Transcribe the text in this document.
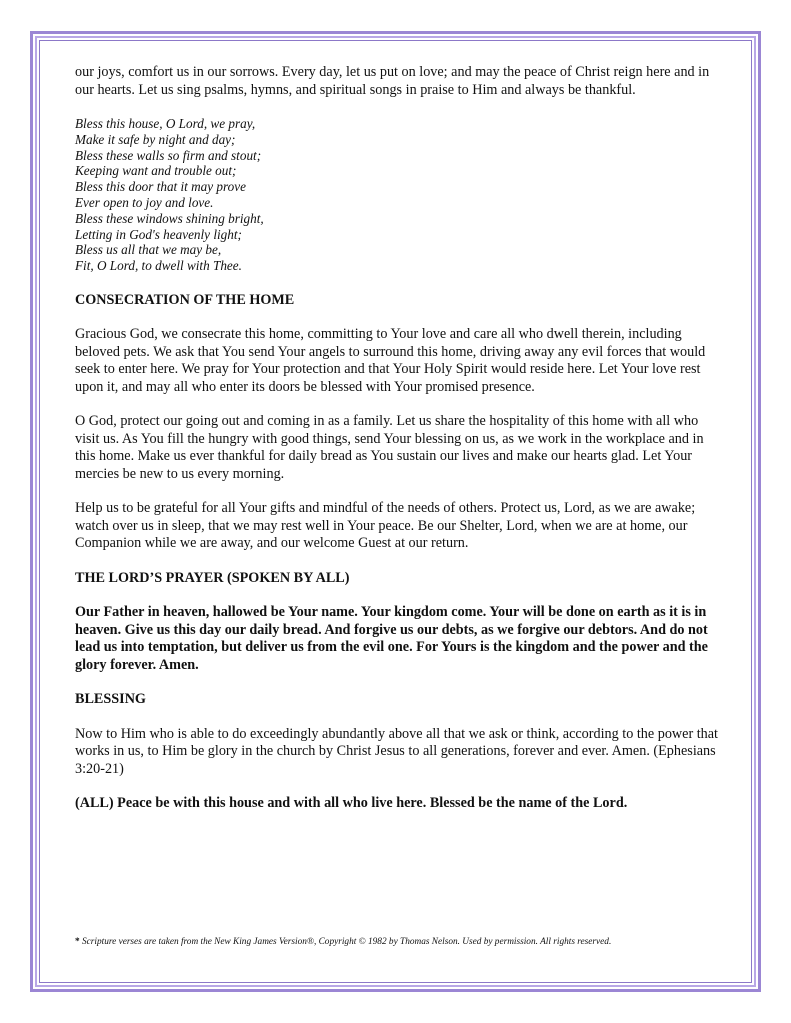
our joys, comfort us in our sorrows. Every day, let us put on love; and may the peace of Christ reign here and in our hearts. Let us sing psalms, hymns, and spiritual songs in praise to Him and always be thankful.

Bless this house, O Lord, we pray,
Make it safe by night and day;
Bless these walls so firm and stout;
Keeping want and trouble out;
Bless this door that it may prove
Ever open to joy and love.
Bless these windows shining bright,
Letting in God's heavenly light;
Bless us all that we may be,
Fit, O Lord, to dwell with Thee.

CONSECRATION OF THE HOME

Gracious God, we consecrate this home, committing to Your love and care all who dwell therein, including beloved pets. We ask that You send Your angels to surround this home, driving away any evil forces that would seek to enter here. We pray for Your protection and that Your Holy Spirit would reside here. Let Your love rest upon it, and may all who enter its doors be blessed with Your promised presence.

O God, protect our going out and coming in as a family. Let us share the hospitality of this home with all who visit us. As You fill the hungry with good things, send Your blessing on us, as we work in the workplace and in this home. Make us ever thankful for daily bread as You sustain our lives and make our hearts glad. Let Your mercies be new to us every morning.

Help us to be grateful for all Your gifts and mindful of the needs of others. Protect us, Lord, as we are awake; watch over us in sleep, that we may rest well in Your peace. Be our Shelter, Lord, when we are at home, our Companion while we are away, and our welcome Guest at our return.

THE LORD’S PRAYER (SPOKEN BY ALL)

Our Father in heaven, hallowed be Your name. Your kingdom come. Your will be done on earth as it is in heaven. Give us this day our daily bread. And forgive us our debts, as we forgive our debtors. And do not lead us into temptation, but deliver us from the evil one. For Yours is the kingdom and the power and the glory forever. Amen.

BLESSING

Now to Him who is able to do exceedingly abundantly above all that we ask or think, according to the power that works in us, to Him be glory in the church by Christ Jesus to all generations, forever and ever. Amen. (Ephesians 3:20-21)

(ALL) Peace be with this house and with all who live here. Blessed be the name of the Lord.

* Scripture verses are taken from the New King James Version®, Copyright © 1982 by Thomas Nelson. Used by permission. All rights reserved.
